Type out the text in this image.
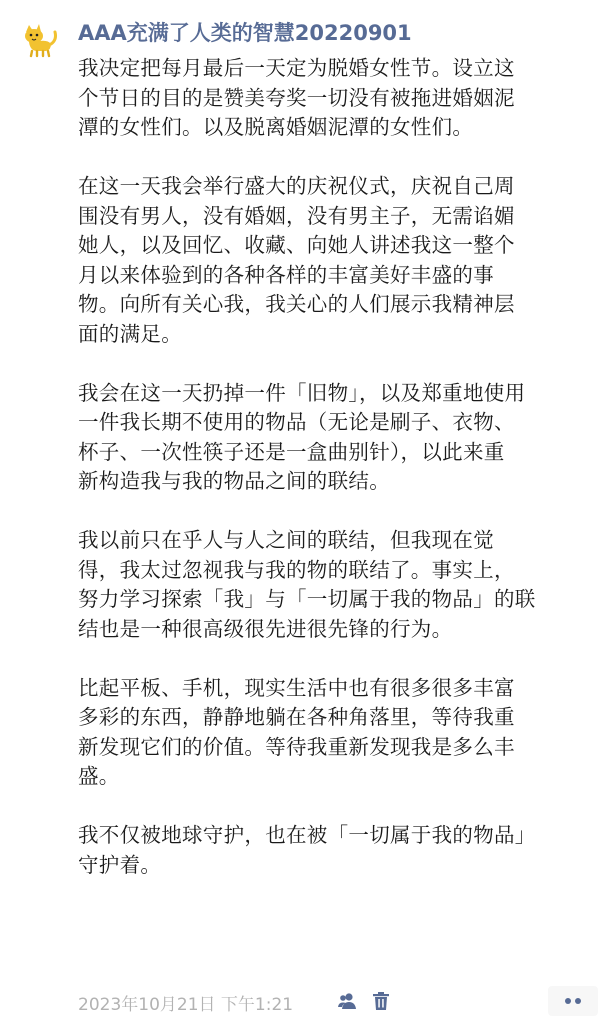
AAA充满了人类的智慧20220901
我决定把每月最后一天定为脱婚女性节。设立这
个节日的目的是赞美夸奖一切没有被拖进婚姻泥
潭的女性们。以及脱离婚姻泥潭的女性们。
在这一天我会举行盛大的庆祝仪式，庆祝自己周
围没有男人，没有婚姻，没有男主子，无需谄媚
她人，以及回忆、收藏、向她人讲述我这一整个
月以来体验到的各种各样的丰富美好丰盛的事
物。向所有关心我，我关心的人们展示我精神层
面的满足。
我会在这一天扔掉一件「旧物」，以及郑重地使用
一件我长期不使用的物品（无论是刷子、衣物、
杯子、一次性筷子还是一盒曲别针），以此来重
新构造我与我的物品之间的联结。
我以前只在乎人与人之间的联结，但我现在觉
得，我太过忽视我与我的物的联结了。事实上，
努力学习探索「我」与「一切属于我的物品」的联
结也是一种很高级很先进很先锋的行为。
比起平板、手机，现实生活中也有很多很多丰富
多彩的东西，静静地躺在各种角落里，等待我重
新发现它们的价值。等待我重新发现我是多么丰
盛。
我不仅被地球守护，也在被「一切属于我的物品」
守护着。
2023年10月21日 下午1:21
